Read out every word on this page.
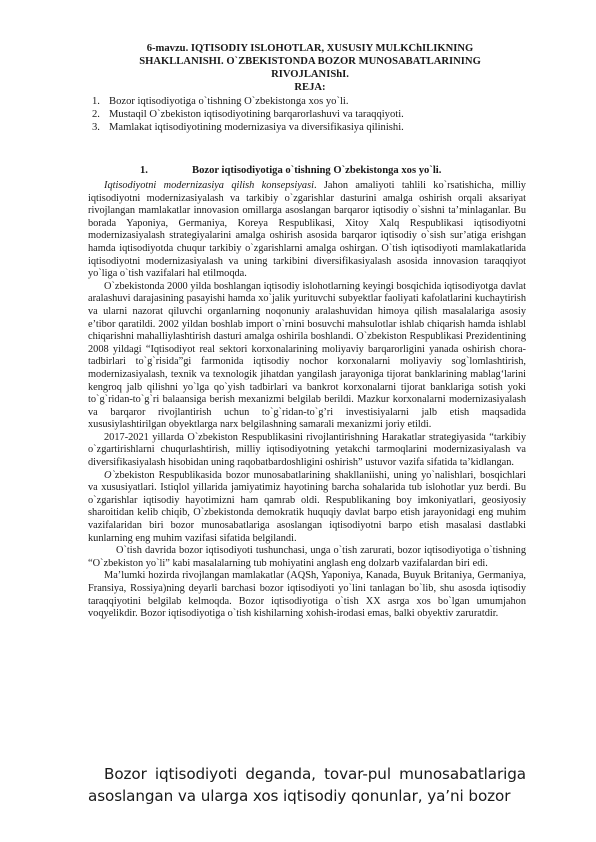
6-mavzu. IQTISODIY ISLOHOTLAR, XUSUSIY MULKChILIKNING
SHAKLLANISHI. O`ZBEKISTONDA BOZOR MUNOSABATLARINING
RIVOJLANIShI.
REJA:
1. Bozor iqtisodiyotiga o`tishning O`zbekistonga xos yo`li.
2. Mustaqil O`zbekiston iqtisodiyotining barqarorlashuvi va taraqqiyoti.
3. Mamlakat iqtisodiyotining modernizasiya va diversifikasiya qilinishi.
1.	Bozor iqtisodiyotiga o`tishning O`zbekistonga xos yo`li.

Iqtisodiyotni modernizasiya qilish konsepsiyasi. Jahon amaliyoti tahlili ko`rsatishicha, milliy iqtisodiyotni modernizasiyalash va tarkibiy o`zgarishlar dasturini amalga oshirish orqali aksariyat rivojlangan mamlakatlar innovasion omillarga asoslangan barqaror iqtisodiy o`sishni ta’minlaganlar. Bu borada Yaponiya, Germaniya, Koreya Respublikasi, Xitoy Xalq Respublikasi iqtisodiyotni modernizasiyalash strategiyalarini amalga oshirish asosida barqaror iqtisodiy o`sish sur’atiga erishgan hamda iqtisodiyotda chuqur tarkibiy o`zgarishlarni amalga oshirgan. O`tish iqtisodiyoti mamlakatlarida iqtisodiyotni modernizasiyalash va uning tarkibini diversifikasiyalash asosida innovasion taraqqiyot yo`liga o`tish vazifalari hal etilmoqda.

O`zbekistonda 2000 yilda boshlangan iqtisodiy islohotlarning keyingi bosqichida iqtisodiyotga davlat aralashuvi darajasining pasayishi hamda xo`jalik yurituvchi subyektlar faoliyati kafolatlarini kuchaytirish va ularni nazorat qiluvchi organlarning noqonuniy aralashuvidan himoya qilish masalalariga asosiy e’tibor qaratildi. 2002 yildan boshlab import o`rnini bosuvchi mahsulotlar ishlab chiqarish hamda ishlabl chiqarishni mahalliylashtirish dasturi amalga oshirila boshlandi. O`zbekiston Respublikasi Prezidentining 2008 yildagi “Iqtisodiyot real sektori korxonalarining moliyaviy barqarorligini yanada oshirish chora-tadbirlari to`g`risida”gi farmonida iqtisodiy nochor korxonalarni moliyaviy sog`lomlashtirish, modernizasiyalash, texnik va texnologik jihatdan yangilash jarayoniga tijorat banklarining mablag‘larini kengroq jalb qilishni yo`lga qo`yish tadbirlari va bankrot korxonalarni tijorat banklariga sotish yoki to`g`ridan-to`g`ri balaansiga berish mexanizmi belgilab berildi. Mazkur korxonalarni modernizasiyalash va barqaror rivojlantirish uchun to`g`ridan-to`g’ri investisiyalarni jalb etish maqsadida xususiylashtirilgan obyektlarga narx belgilashning samarali mexanizmi joriy etildi.

2017-2021 yillarda O`zbekiston Respublikasini rivojlantirishning Harakatlar strategiyasida “tarkibiy o`zgartirishlarni chuqurlashtirish, milliy iqtisodiyotning yetakchi tarmoqlarini modernizasiyalash va diversifikasiyalash hisobidan uning raqobatbardoshligini oshirish” ustuvor vazifa sifatida ta’kidlangan.

O`zbekiston Respublikasida bozor munosabatlarining shakllaniishi, uning yo`nalishlari, bosqichlari va xususiyatlari. Istiqlol yillarida jamiyatimiz hayotining barcha sohalarida tub islohotlar yuz berdi. Bu o`zgarishlar iqtisodiy hayotimizni ham qamrab oldi. Respublikaning boy imkoniyatlari, geosiyosiy sharoitidan kelib chiqib, O`zbekistonda demokratik huquqiy davlat barpo etish jarayonidagi eng muhim vazifalaridan biri bozor munosabatlariga asoslangan iqtisodiyotni barpo etish masalasi dastlabki kunlarning eng muhim vazifasi sifatida belgilandi.

O`tish davrida bozor iqtisodiyoti tushunchasi, unga o`tish zarurati, bozor iqtisodiyotiga o`tishning “O`zbekiston yo`li” kabi masalalarning tub mohiyatini anglash eng dolzarb vazifalardan biri edi.

Ma’lumki hozirda rivojlangan mamlakatlar (AQSh, Yaponiya, Kanada, Buyuk Britaniya, Germaniya, Fransiya, Rossiya)ning deyarli barchasi bozor iqtisodiyoti yo`lini tanlagan bo`lib, shu asosda iqtisodiy taraqqiyotini belgilab kelmoqda. Bozor iqtisodiyotiga o`tish XX asrga xos bo`lgan umumjahon voqyelikdir. Bozor iqtisodiyotiga o`tish kishilarning xohish-irodasi emas, balki obyektiv zaruratdir.

Bozor iqtisodiyoti deganda, tovar-pul munosabatlariga asoslangan va ularga xos iqtisodiy qonunlar, ya’ni bozor
